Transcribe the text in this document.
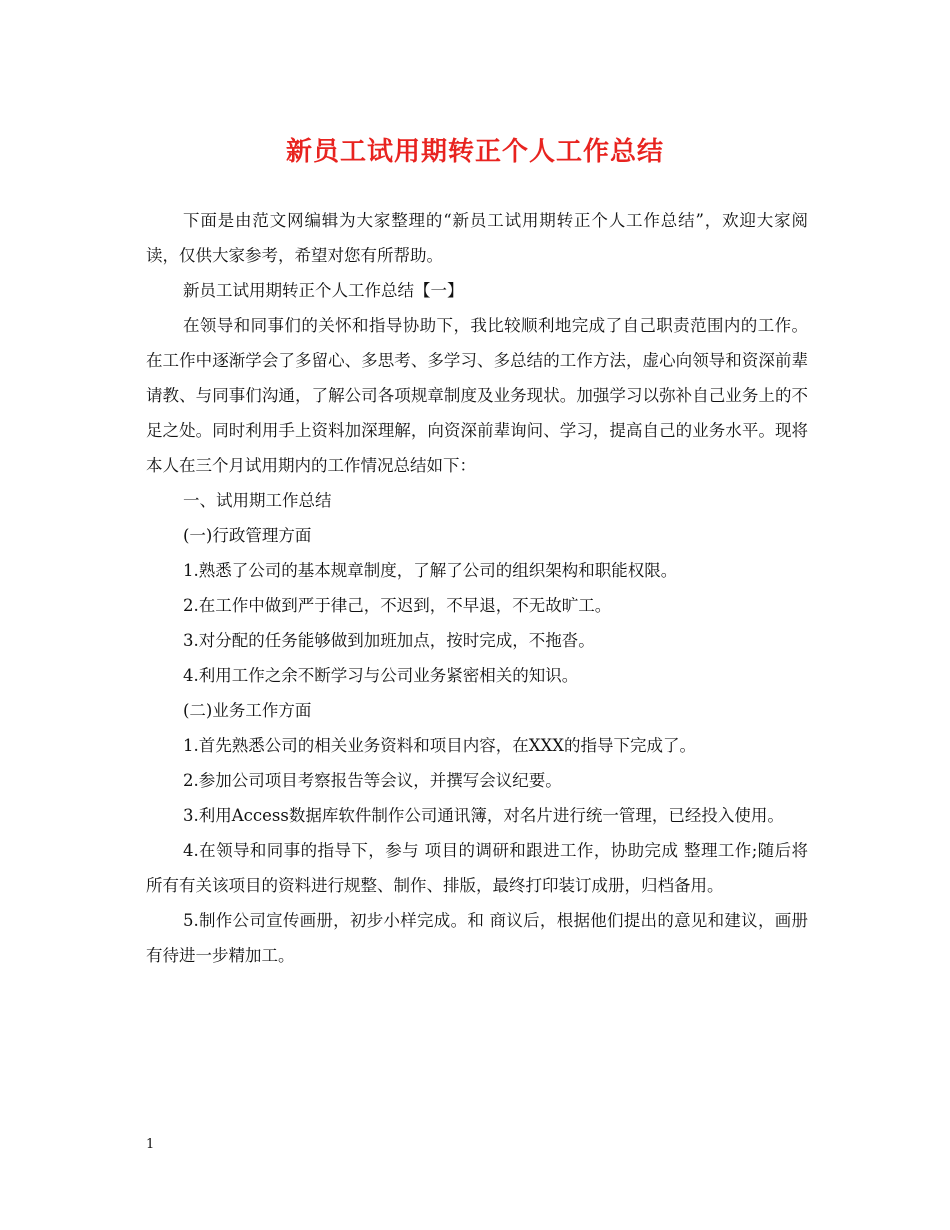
新员工试用期转正个人工作总结

下面是由范文网编辑为大家整理的“新员工试用期转正个人工作总结”，欢迎大家阅读，仅供大家参考，希望对您有所帮助。

新员工试用期转正个人工作总结【一】

在领导和同事们的关怀和指导协助下，我比较顺利地完成了自己职责范围内的工作。在工作中逐渐学会了多留心、多思考、多学习、多总结的工作方法，虚心向领导和资深前辈请教、与同事们沟通，了解公司各项规章制度及业务现状。加强学习以弥补自己业务上的不足之处。同时利用手上资料加深理解，向资深前辈询问、学习，提高自己的业务水平。现将本人在三个月试用期内的工作情况总结如下：

一、试用期工作总结

(一)行政管理方面

1.熟悉了公司的基本规章制度，了解了公司的组织架构和职能权限。

2.在工作中做到严于律己，不迟到，不早退，不无故旷工。

3.对分配的任务能够做到加班加点，按时完成，不拖沓。

4.利用工作之余不断学习与公司业务紧密相关的知识。

(二)业务工作方面

1.首先熟悉公司的相关业务资料和项目内容，在XXX的指导下完成了。

2.参加公司项目考察报告等会议，并撰写会议纪要。

3.利用Access数据库软件制作公司通讯簿，对名片进行统一管理，已经投入使用。

4.在领导和同事的指导下，参与 项目的调研和跟进工作，协助完成 整理工作;随后将所有有关该项目的资料进行规整、制作、排版，最终打印装订成册，归档备用。

5.制作公司宣传画册，初步小样完成。和 商议后，根据他们提出的意见和建议，画册有待进一步精加工。

1
